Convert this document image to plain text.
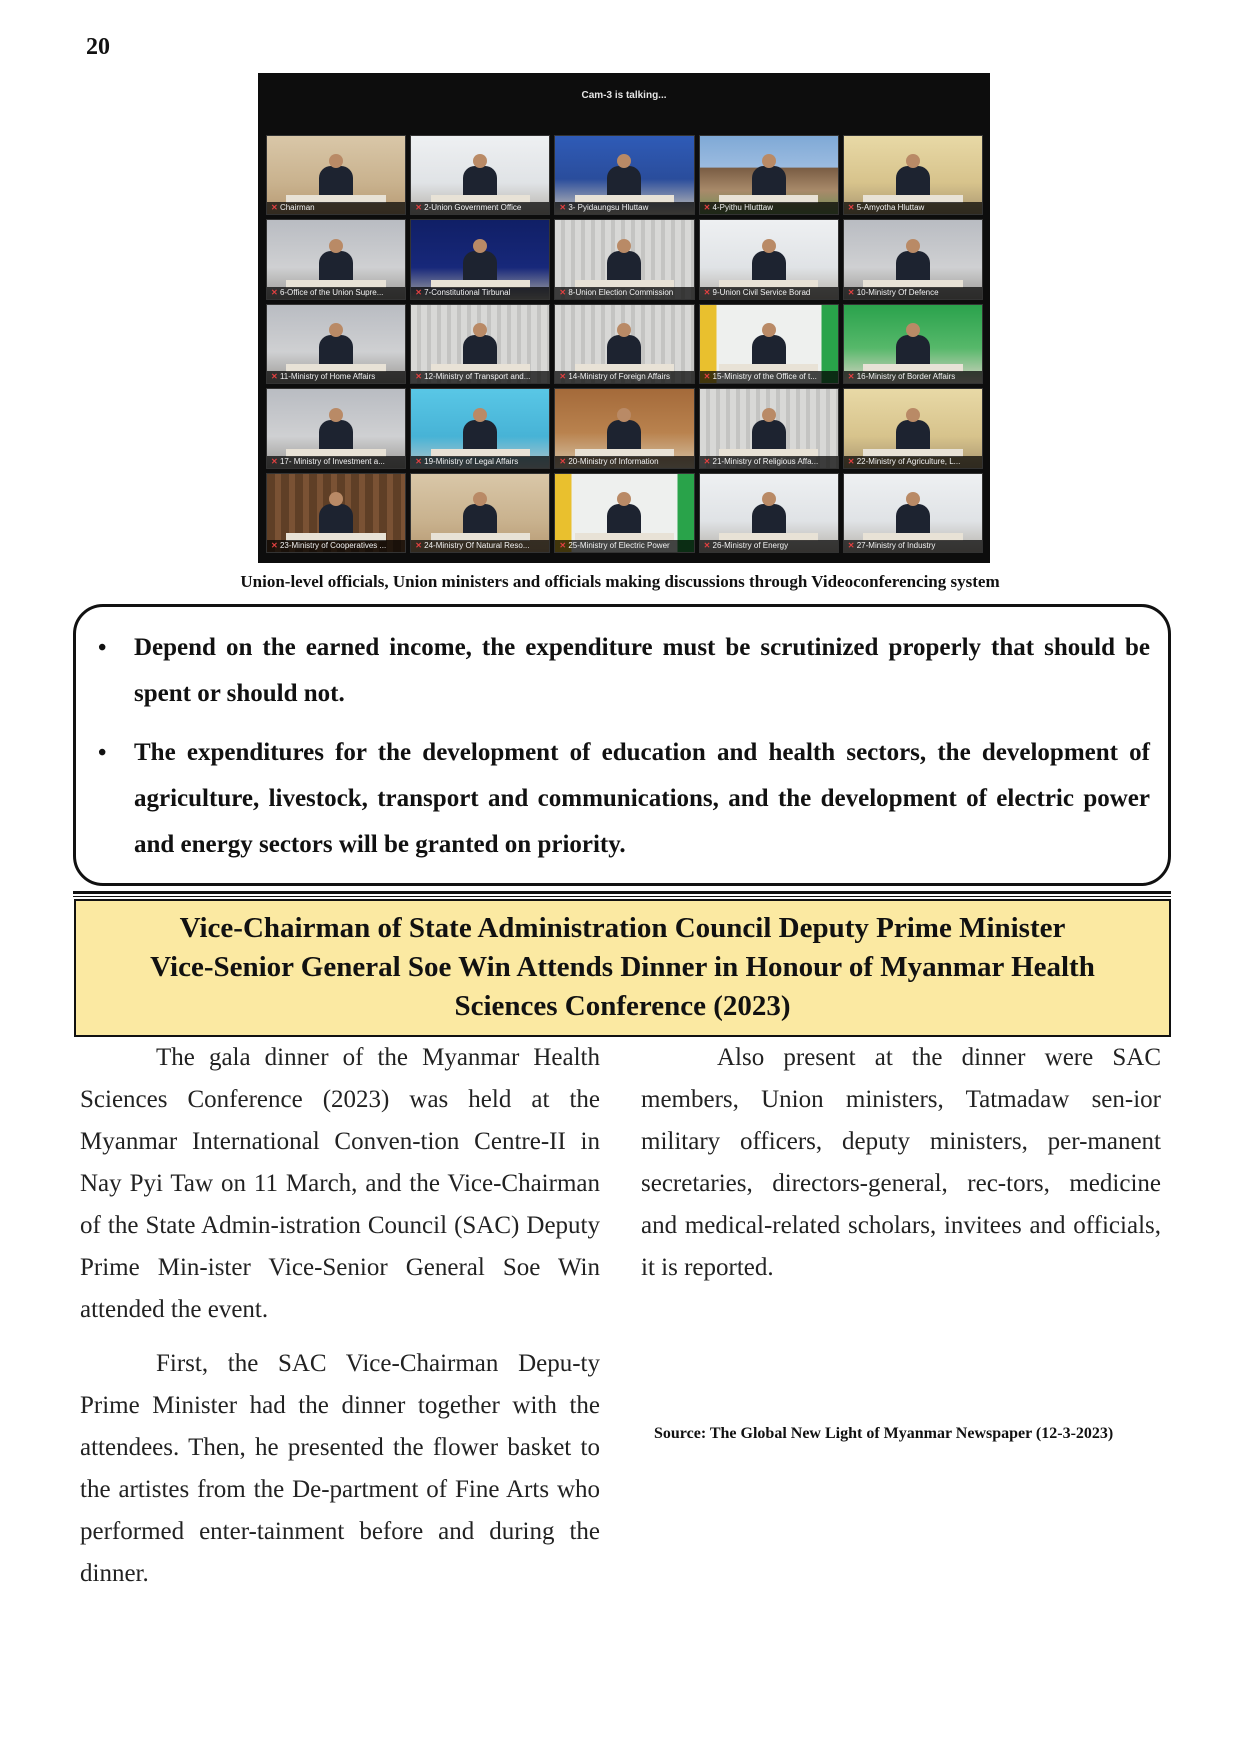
20
Cam-3 is talking...
✕ Chairman	✕ 2-Union Government Office	✕ 3- Pyidaungsu Hluttaw	✕ 4-Pyithu Hlutttaw	✕ 5-Amyotha Hluttaw
✕ 6-Office of the Union Supre...	✕ 7-Constitutional Tirbunal	✕ 8-Union Election Commission	✕ 9-Union Civil Service Borad	✕ 10-Ministry Of Defence
✕ 11-Ministry of Home Affairs	✕ 12-Ministry of Transport and...	✕ 14-Ministry of Foreign Affairs	✕ 15-Ministry of the Office of t...	✕ 16-Ministry of Border Affairs
✕ 17- Ministry of Investment a...	✕ 19-Ministry of Legal Affairs	✕ 20-Ministry of Information	✕ 21-Ministry of Religious Affa...	✕ 22-Ministry of Agriculture, L...
✕ 23-Ministry of Cooperatives ...	✕ 24-Ministry Of Natural Reso...	✕ 25-Ministry of Electric Power	✕ 26-Ministry of Energy	✕ 27-Ministry of Industry
Union-level officials, Union ministers and officials making discussions through Videoconferencing system
• Depend on the earned income, the expenditure must be scrutinized properly that should be spent or should not.
• The expenditures for the development of education and health sectors, the development of agriculture, livestock, transport and communications, and the development of electric power and energy sectors will be granted on priority.
Vice-Chairman of State Administration Council Deputy Prime Minister
Vice-Senior General Soe Win Attends Dinner in Honour of Myanmar Health
Sciences Conference (2023)

The gala dinner of the Myanmar Health Sciences Conference (2023) was held at the Myanmar International Conven-tion Centre-II in Nay Pyi Taw on 11 March, and the Vice-Chairman of the State Admin-istration Council (SAC) Deputy Prime Min-ister Vice-Senior General Soe Win attended the event.

First, the SAC Vice-Chairman Depu-ty Prime Minister had the dinner together with the attendees. Then, he presented the flower basket to the artistes from the De-partment of Fine Arts who performed enter-tainment before and during the dinner.

Also present at the dinner were SAC members, Union ministers, Tatmadaw sen-ior military officers, deputy ministers, per-manent secretaries, directors-general, rec-tors, medicine and medical-related scholars, invitees and officials, it is reported.

Source: The Global New Light of Myanmar Newspaper (12-3-2023)
